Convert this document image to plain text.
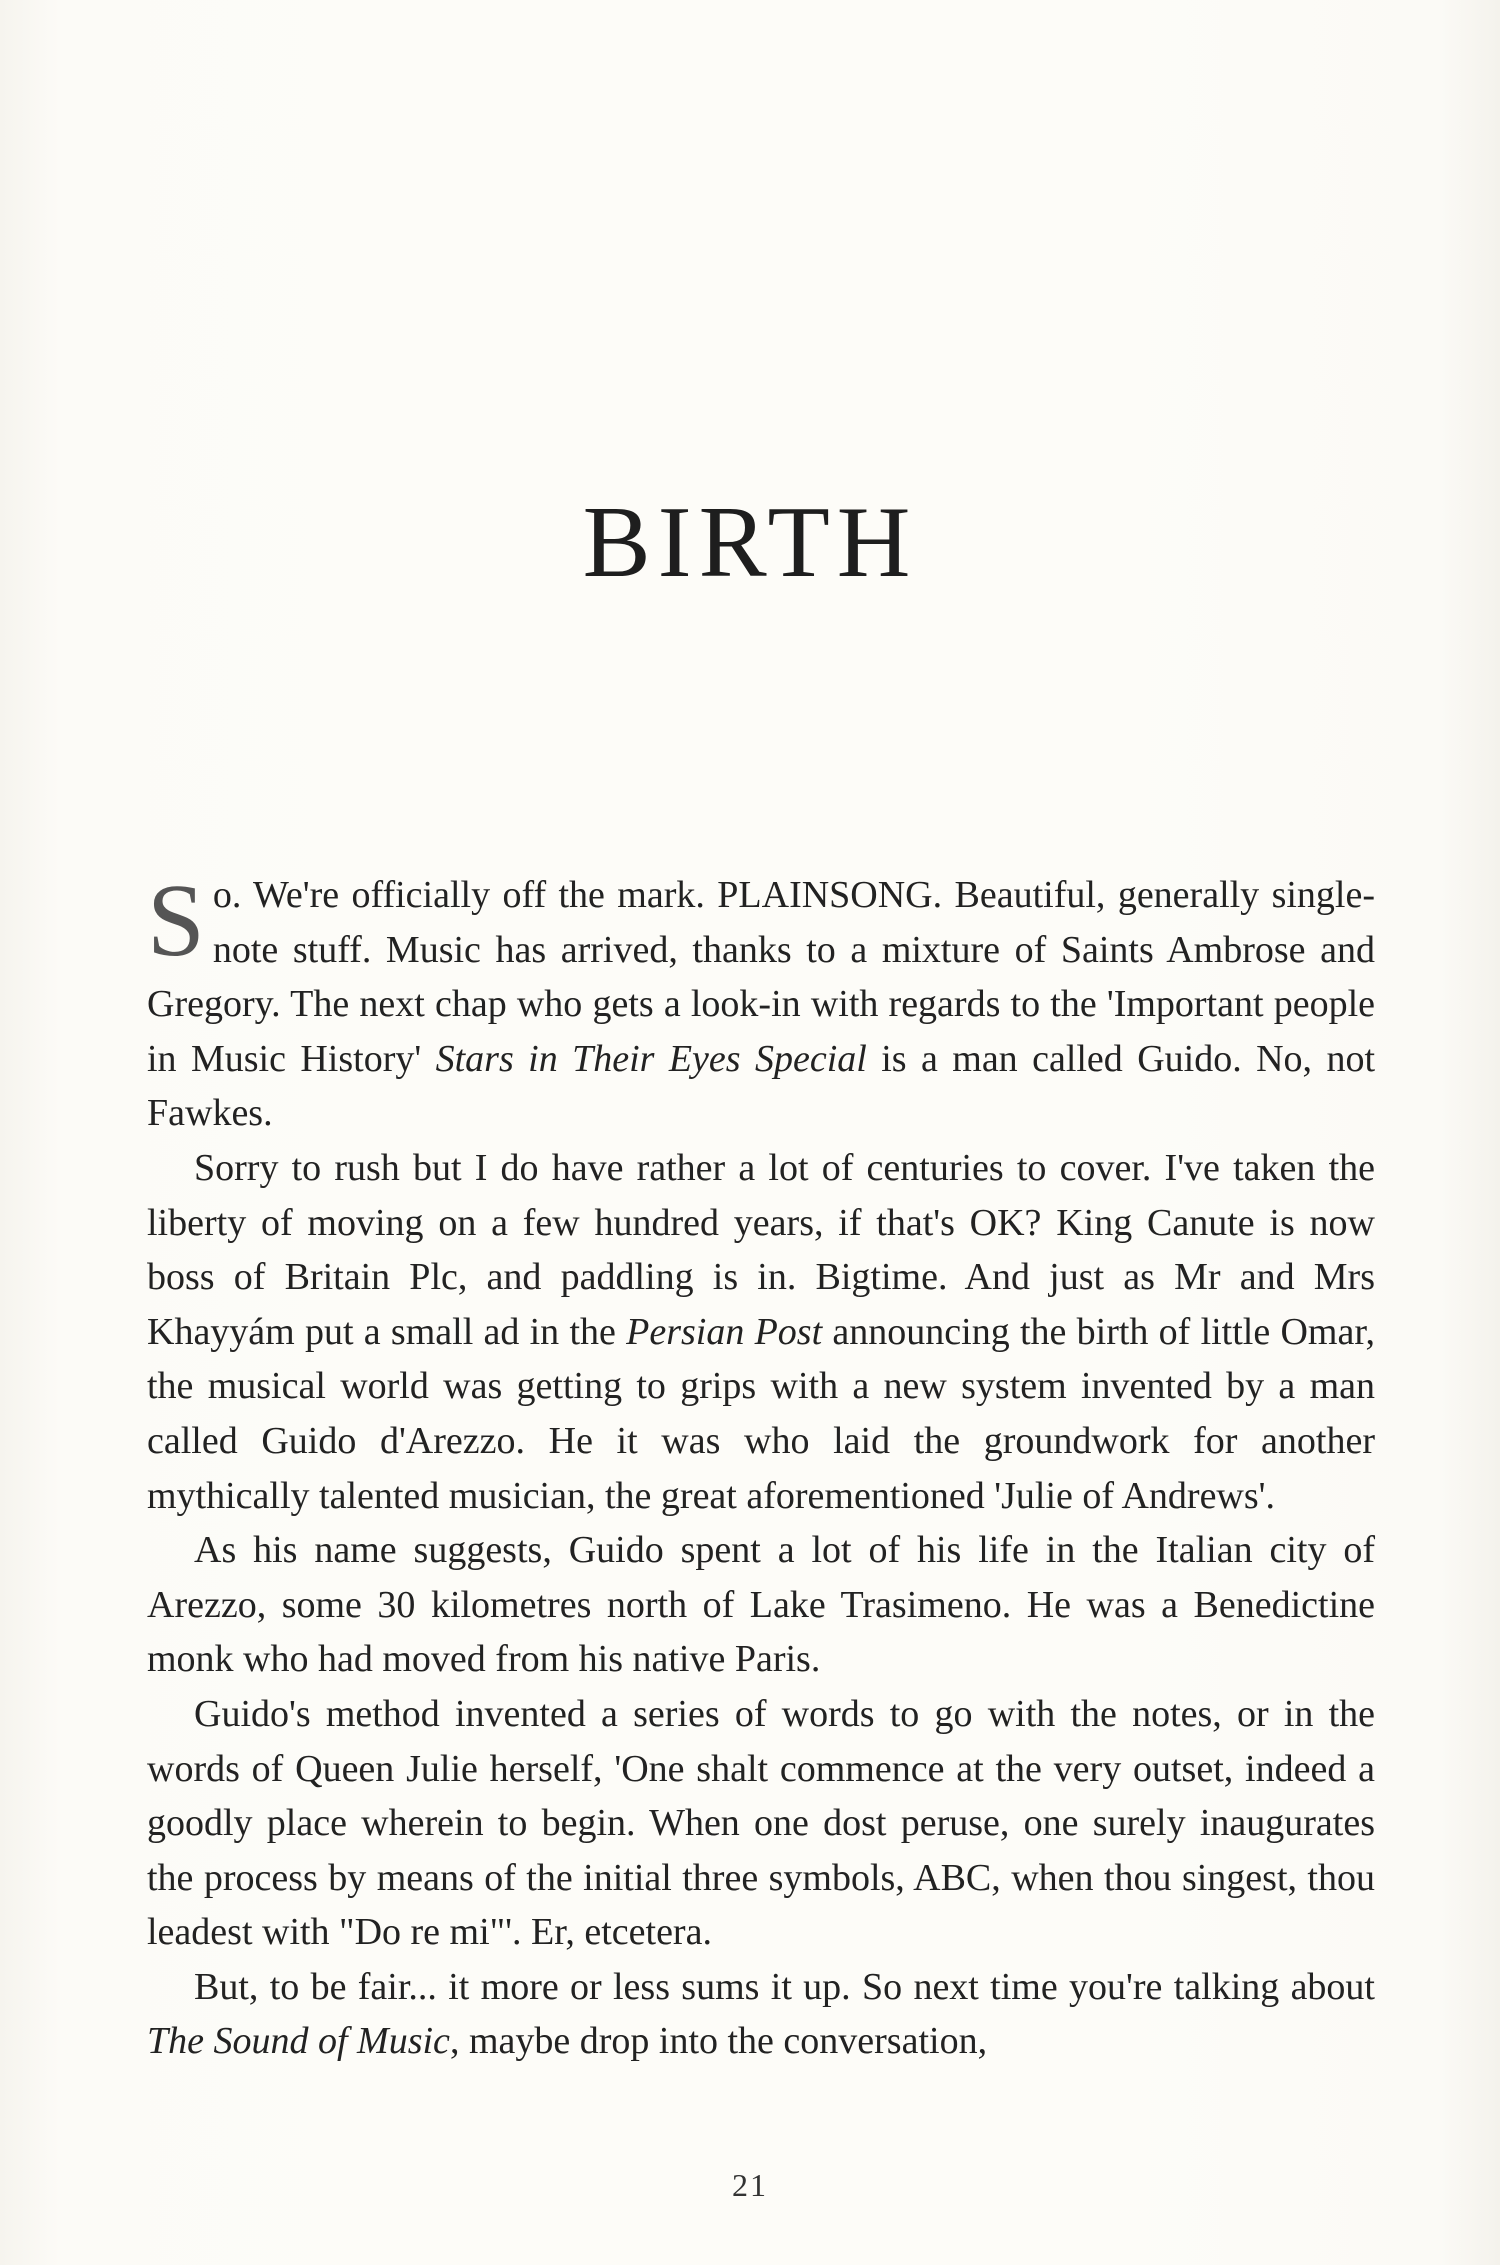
BIRTH

So. We're officially off the mark. PLAINSONG. Beautiful, generally single-note stuff. Music has arrived, thanks to a mixture of Saints Ambrose and Gregory. The next chap who gets a look-in with regards to the 'Important people in Music History' Stars in Their Eyes Special is a man called Guido. No, not Fawkes.

Sorry to rush but I do have rather a lot of centuries to cover. I've taken the liberty of moving on a few hundred years, if that's OK? King Canute is now boss of Britain Plc, and paddling is in. Bigtime. And just as Mr and Mrs Khayyám put a small ad in the Persian Post announcing the birth of little Omar, the musical world was getting to grips with a new system invented by a man called Guido d'Arezzo. He it was who laid the groundwork for another mythically talented musician, the great aforementioned 'Julie of Andrews'.

As his name suggests, Guido spent a lot of his life in the Italian city of Arezzo, some 30 kilometres north of Lake Trasimeno. He was a Benedictine monk who had moved from his native Paris.

Guido's method invented a series of words to go with the notes, or in the words of Queen Julie herself, 'One shalt commence at the very outset, indeed a goodly place wherein to begin. When one dost peruse, one surely inaugurates the process by means of the initial three symbols, ABC, when thou singest, thou leadest with "Do re mi"'. Er, etcetera.

But, to be fair... it more or less sums it up. So next time you're talking about The Sound of Music, maybe drop into the conversation,

21
